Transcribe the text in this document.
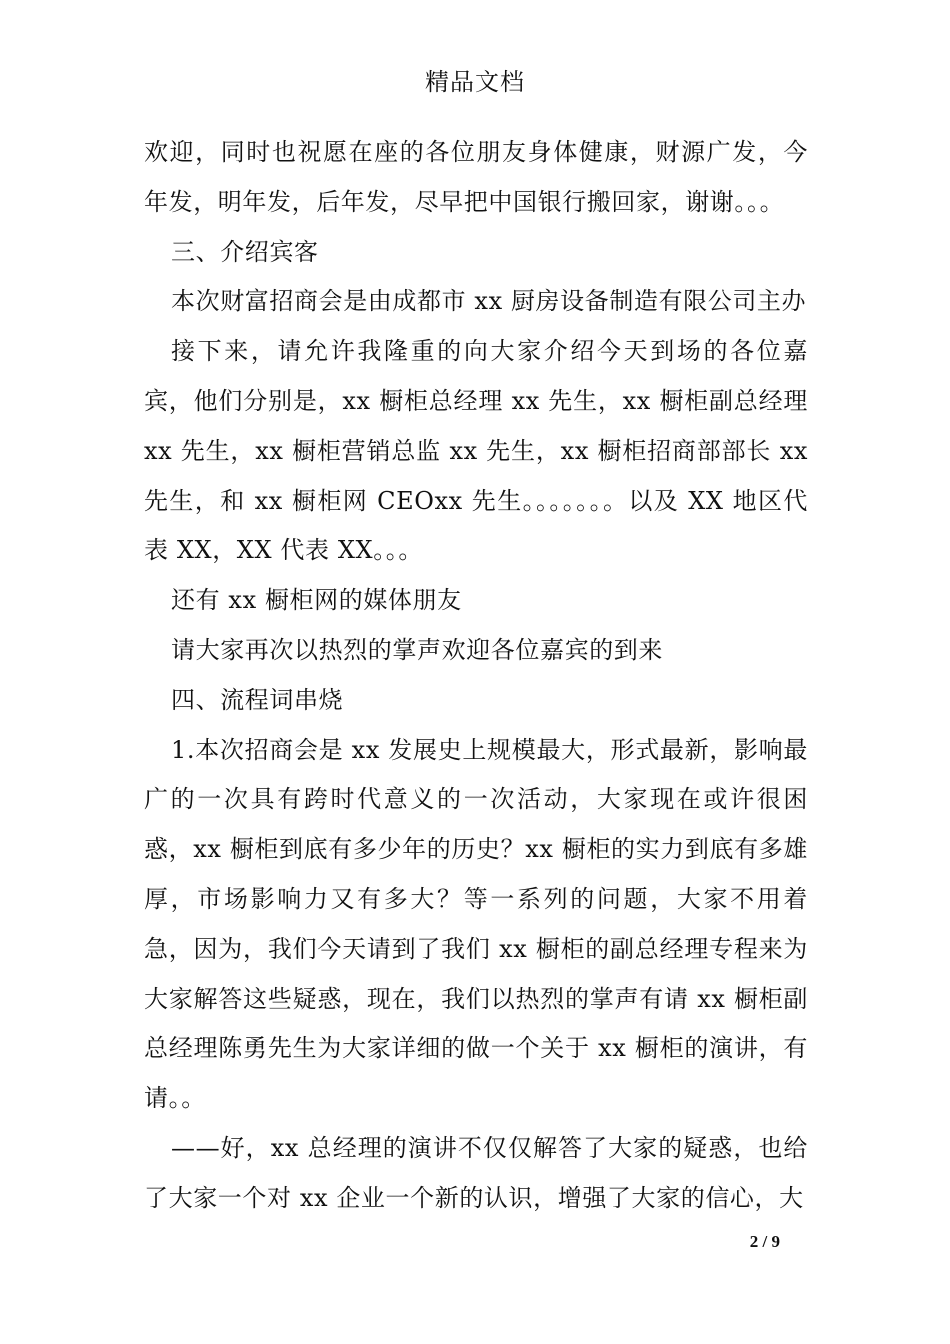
精品文档

欢迎，同时也祝愿在座的各位朋友身体健康，财源广发，今年发，明年发，后年发，尽早把中国银行搬回家，谢谢。。。

三、介绍宾客

本次财富招商会是由成都市 xx 厨房设备制造有限公司主办

接下来，请允许我隆重的向大家介绍今天到场的各位嘉宾，他们分别是，xx 橱柜总经理 xx 先生，xx 橱柜副总经理 xx 先生，xx 橱柜营销总监 xx 先生，xx 橱柜招商部部长 xx 先生，和 xx 橱柜网 CEOxx 先生。。。。。。。以及 XX 地区代表 XX，XX 代表 XX。。。

还有 xx 橱柜网的媒体朋友

请大家再次以热烈的掌声欢迎各位嘉宾的到来

四、流程词串烧

1.本次招商会是 xx 发展史上规模最大，形式最新，影响最广的一次具有跨时代意义的一次活动，大家现在或许很困惑，xx 橱柜到底有多少年的历史？xx 橱柜的实力到底有多雄厚，市场影响力又有多大？等一系列的问题，大家不用着急，因为，我们今天请到了我们 xx 橱柜的副总经理专程来为大家解答这些疑惑，现在，我们以热烈的掌声有请 xx 橱柜副总经理陈勇先生为大家详细的做一个关于 xx 橱柜的演讲，有请。。

——好，xx 总经理的演讲不仅仅解答了大家的疑惑，也给了大家一个对 xx 企业一个新的认识，增强了大家的信心，大

2 / 9
